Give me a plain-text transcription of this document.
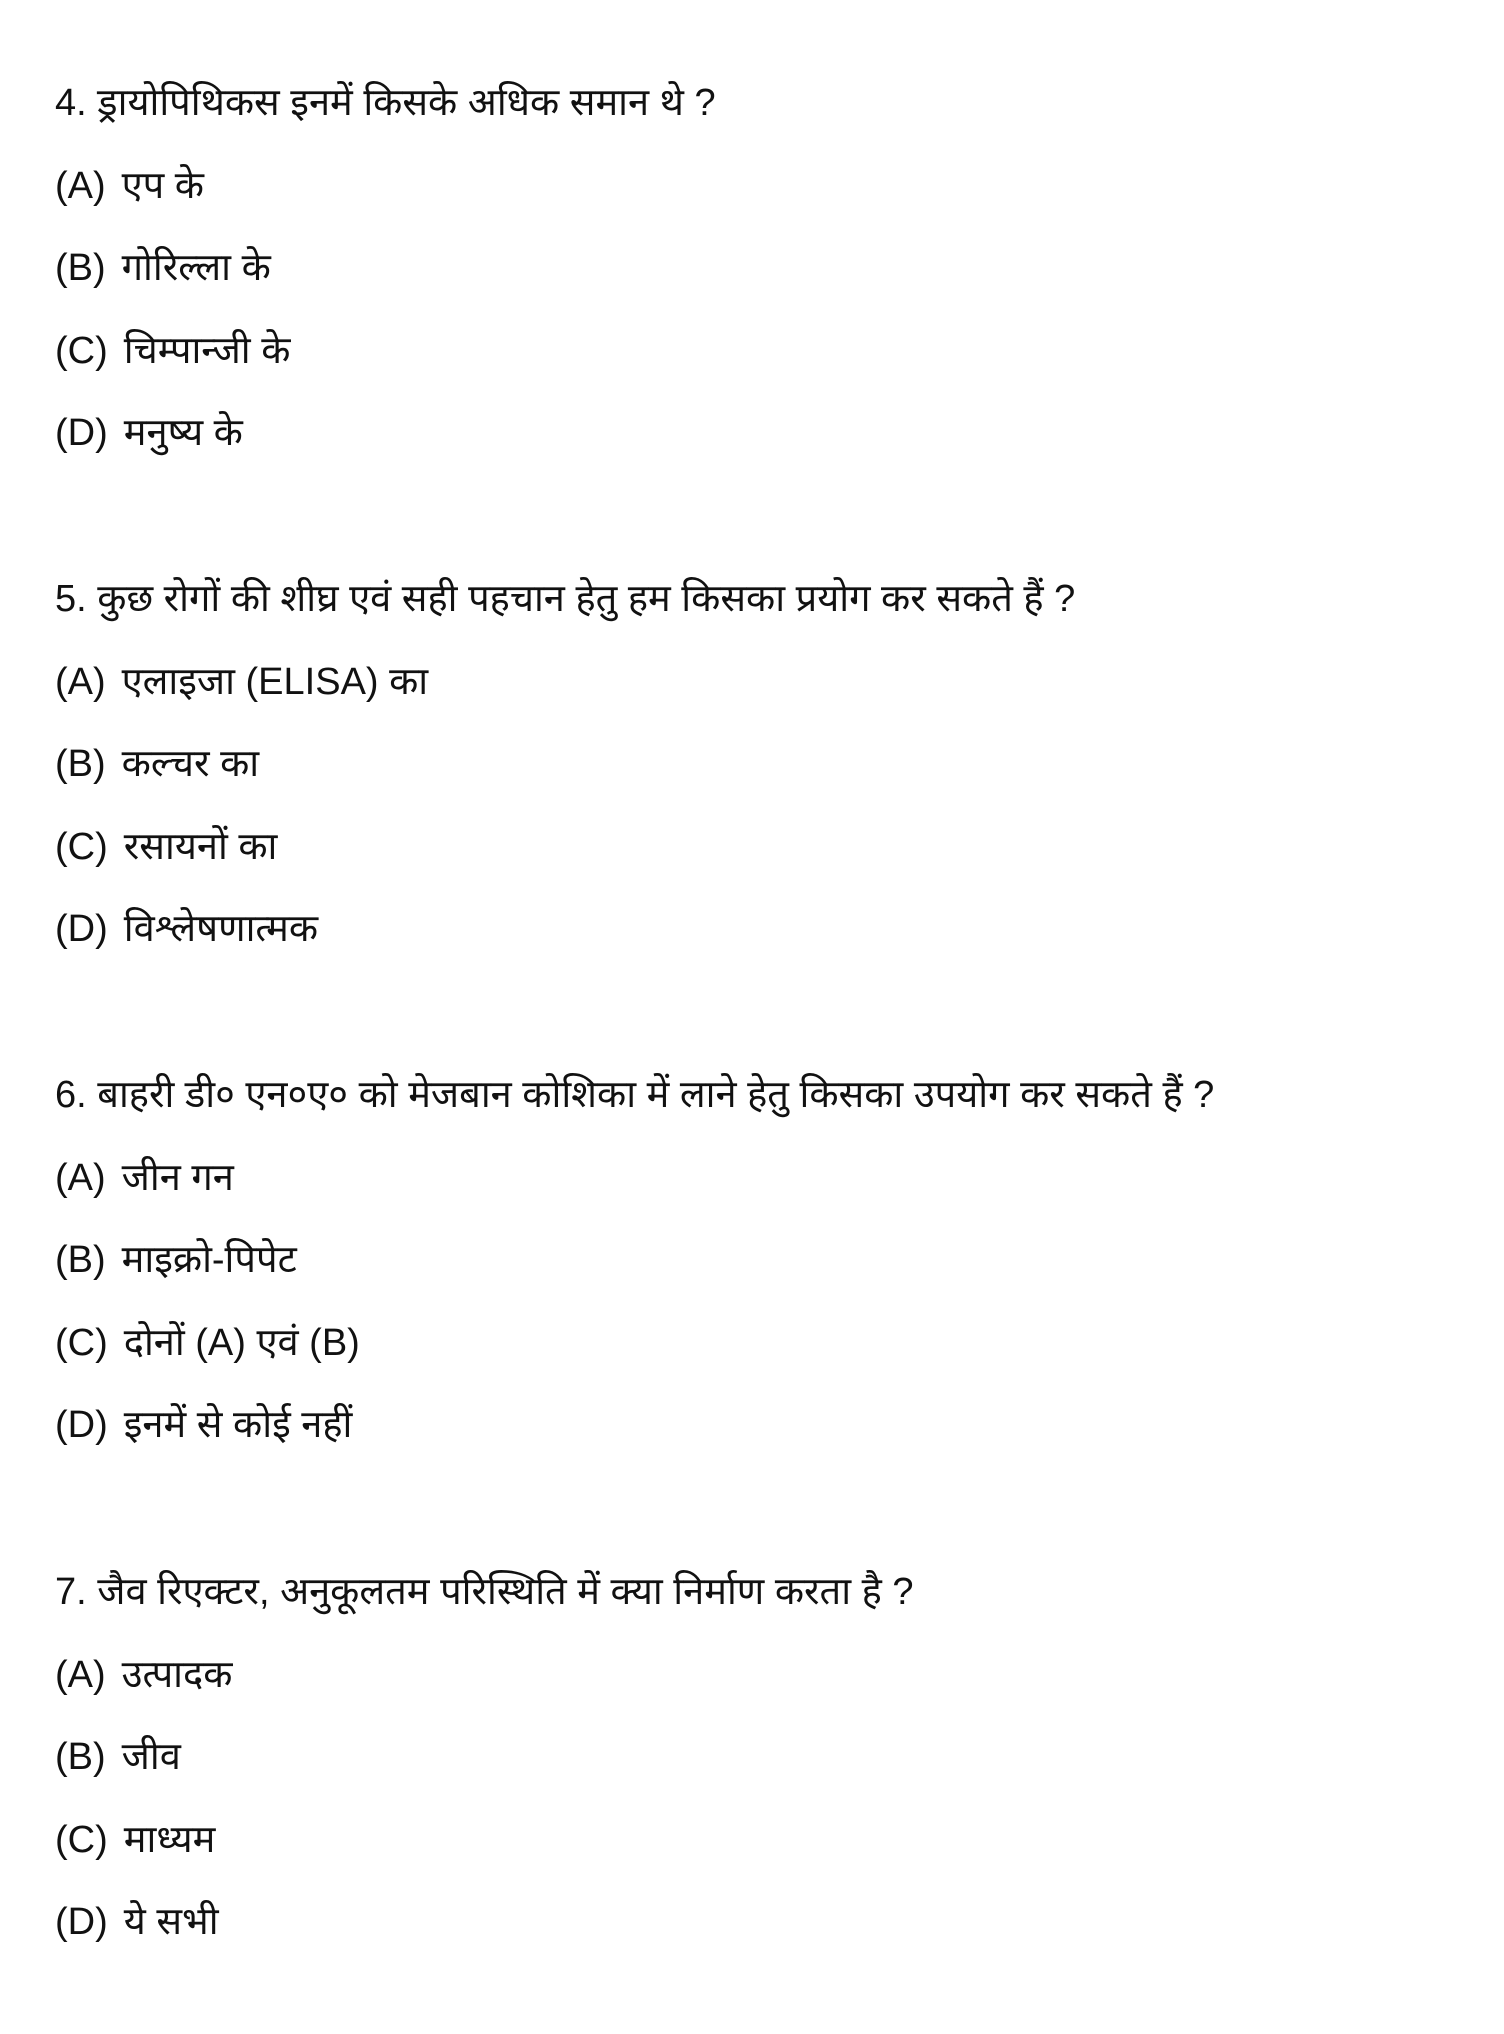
4. ड्रायोपिथिकस इनमें किसके अधिक समान थे ?
(A) एप के
(B) गोरिल्ला के
(C) चिम्पान्जी के
(D) मनुष्य के
5. कुछ रोगों की शीघ्र एवं सही पहचान हेतु हम किसका प्रयोग कर सकते हैं ?
(A) एलाइजा (ELISA) का
(B) कल्चर का
(C) रसायनों का
(D) विश्लेषणात्मक
6. बाहरी डी० एन०ए० को मेजबान कोशिका में लाने हेतु किसका उपयोग कर सकते हैं ?
(A) जीन गन
(B) माइक्रो-पिपेट
(C) दोनों (A) एवं (B)
(D) इनमें से कोई नहीं
7. जैव रिएक्टर, अनुकूलतम परिस्थिति में क्या निर्माण करता है ?
(A) उत्पादक
(B) जीव
(C) माध्यम
(D) ये सभी
